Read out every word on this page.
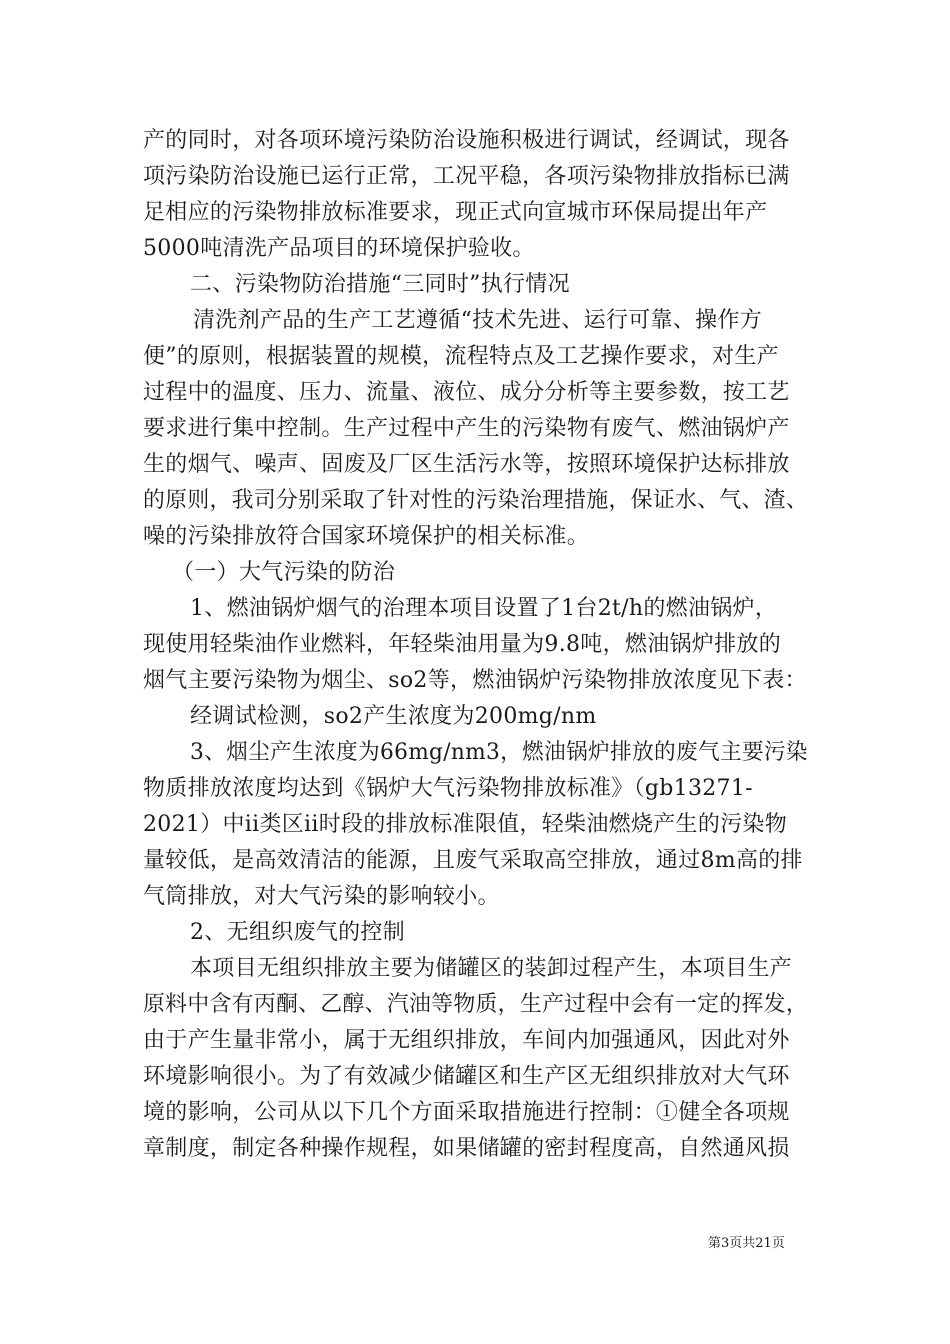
产的同时，对各项环境污染防治设施积极进行调试，经调试，现各
项污染防治设施已运行正常，工况平稳，各项污染物排放指标已满
足相应的污染物排放标准要求，现正式向宣城市环保局提出年产
5000吨清洗产品项目的环境保护验收。
二、污染物防治措施“三同时”执行情况
清洗剂产品的生产工艺遵循“技术先进、运行可靠、操作方
便”的原则，根据装置的规模，流程特点及工艺操作要求，对生产
过程中的温度、压力、流量、液位、成分分析等主要参数，按工艺
要求进行集中控制。生产过程中产生的污染物有废气、燃油锅炉产
生的烟气、噪声、固废及厂区生活污水等，按照环境保护达标排放
的原则，我司分别采取了针对性的污染治理措施，保证水、气、渣、
噪的污染排放符合国家环境保护的相关标准。
（一）大气污染的防治
1、燃油锅炉烟气的治理本项目设置了1台2t/h的燃油锅炉，
现使用轻柴油作业燃料，年轻柴油用量为9.8吨，燃油锅炉排放的
烟气主要污染物为烟尘、so2等，燃油锅炉污染物排放浓度见下表：
经调试检测，so2产生浓度为200mg/nm
3、烟尘产生浓度为66mg/nm3，燃油锅炉排放的废气主要污染
物质排放浓度均达到《锅炉大气污染物排放标准》（gb13271-
2021）中ii类区ii时段的排放标准限值，轻柴油燃烧产生的污染物
量较低，是高效清洁的能源，且废气采取高空排放，通过8m高的排
气筒排放，对大气污染的影响较小。
2、无组织废气的控制
本项目无组织排放主要为储罐区的装卸过程产生，本项目生产
原料中含有丙酮、乙醇、汽油等物质，生产过程中会有一定的挥发，
由于产生量非常小，属于无组织排放，车间内加强通风，因此对外
环境影响很小。为了有效减少储罐区和生产区无组织排放对大气环
境的影响，公司从以下几个方面采取措施进行控制：①健全各项规
章制度，制定各种操作规程，如果储罐的密封程度高，自然通风损
第3页共21页
